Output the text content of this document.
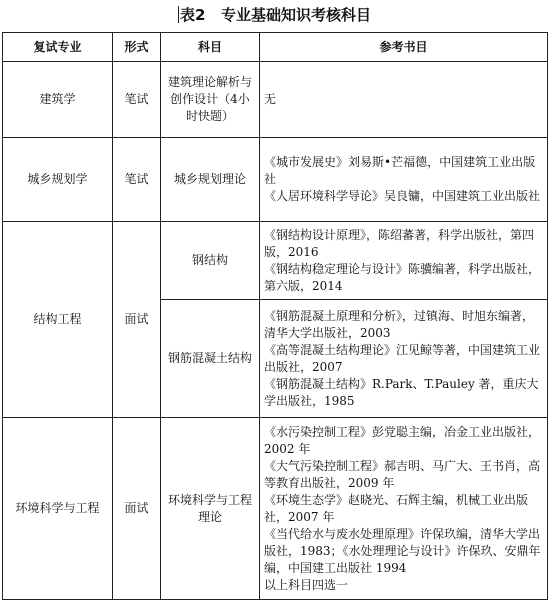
表2 专业基础知识考核科目
复试专业	形式	科目	参考书目
建筑学	笔试	建筑理论解析与创作设计（4小时快题）	无

城乡规划学	笔试	城乡规划理论	《城市发展史》刘易斯•芒福德，中国建筑工业出版社
《人居环境科学导论》吴良镛，中国建筑工业出版社

结构工程	面试	钢结构	《钢结构设计原理》，陈绍蕃著，科学出版社，第四版，2016
《钢结构稳定理论与设计》陈骥编著，科学出版社，第六版，2014

		钢筋混凝土结构	《钢筋混凝土原理和分析》，过镇海、时旭东编著，清华大学出版社，2003
《高等混凝土结构理论》江见鲸等著，中国建筑工业出版社，2007
《钢筋混凝土结构》R.Park、T.Pauley 著，重庆大学出版社，1985

环境科学与工程	面试	环境科学与工程理论	《水污染控制工程》彭党聪主编，冶金工业出版社，2002 年
《大气污染控制工程》郝吉明、马广大、王书肖，高等教育出版社，2009 年
《环境生态学》赵晓光、石辉主编，机械工业出版社，2007 年
《当代给水与废水处理原理》许保玖编，清华大学出版社，1983；《水处理理论与设计》许保玖、安鼎年编，中国建工出版社 1994
以上科目四选一
